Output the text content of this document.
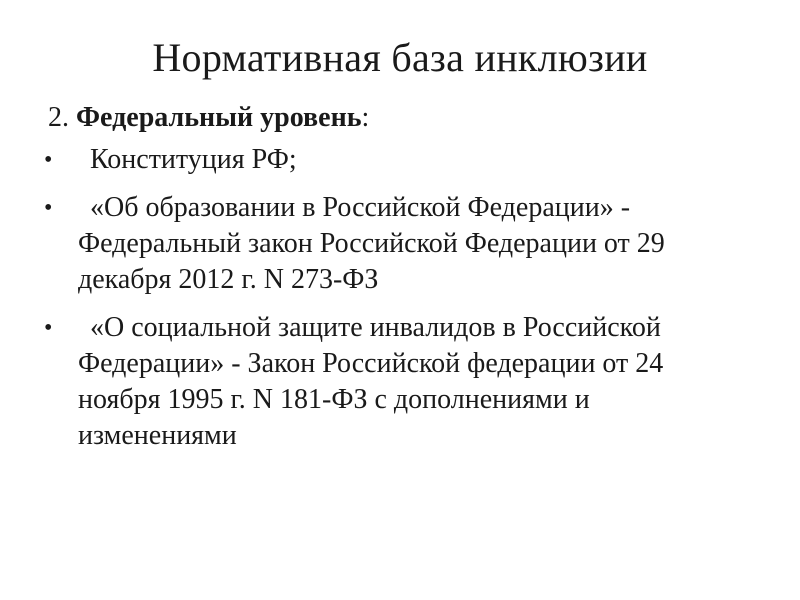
Нормативная база инклюзии
2. Федеральный уровень:
•	Конституция РФ;
•	«Об образовании в Российской Федерации» - Федеральный закон Российской Федерации от 29 декабря 2012 г. N 273-ФЗ
•	«О социальной защите инвалидов в Российской Федерации» - Закон Российской федерации от 24 ноября 1995 г. N 181-ФЗ с дополнениями и изменениями
